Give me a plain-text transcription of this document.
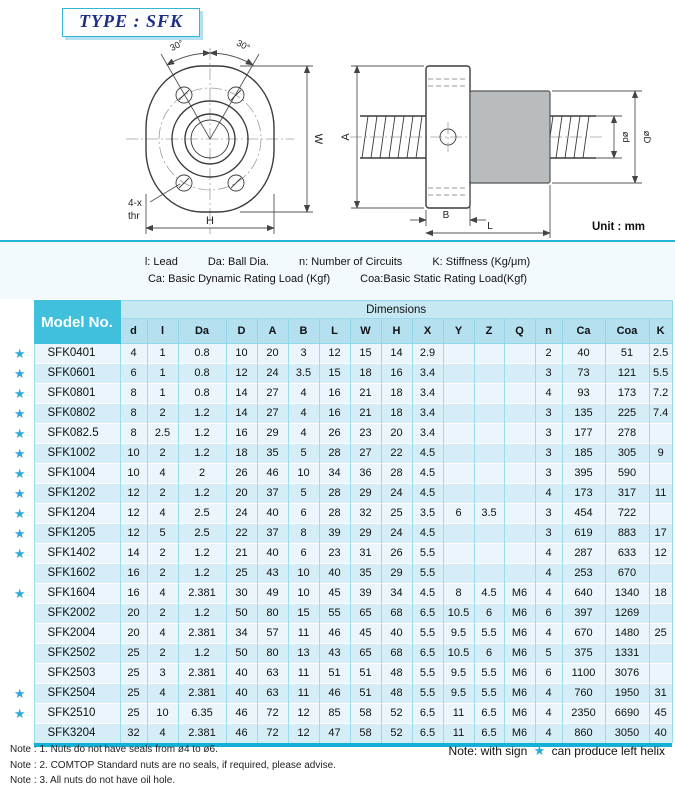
TYPE : SFK
30°	30°
W
H
4-x
thr
A	ød øD
B
L	Unit : mm
l: Lead	Da: Ball Dia.	n: Number of Circuits	K: Stiffness (Kg/μm)
Ca: Basic Dynamic Rating Load (Kgf)	Coa:Basic Static Rating Load(Kgf)
	Model No.	Dimensions																
		d	l	Da	D	A	B	L	W	H	X	Y	Z	Q	n	Ca	Coa	K
★	SFK0401	4	1	0.8	10	20	3	12	15	14	2.9				2	40	51	2.5
★	SFK0601	6	1	0.8	12	24	3.5	15	18	16	3.4				3	73	121	5.5
★	SFK0801	8	1	0.8	14	27	4	16	21	18	3.4				4	93	173	7.2
★	SFK0802	8	2	1.2	14	27	4	16	21	18	3.4				3	135	225	7.4
★	SFK082.5	8	2.5	1.2	16	29	4	26	23	20	3.4				3	177	278	
★	SFK1002	10	2	1.2	18	35	5	28	27	22	4.5				3	185	305	9
★	SFK1004	10	4	2	26	46	10	34	36	28	4.5				3	395	590	
★	SFK1202	12	2	1.2	20	37	5	28	29	24	4.5				4	173	317	11
★	SFK1204	12	4	2.5	24	40	6	28	32	25	3.5	6	3.5		3	454	722	
★	SFK1205	12	5	2.5	22	37	8	39	29	24	4.5				3	619	883	17
★	SFK1402	14	2	1.2	21	40	6	23	31	26	5.5				4	287	633	12
	SFK1602	16	2	1.2	25	43	10	40	35	29	5.5				4	253	670	
★	SFK1604	16	4	2.381	30	49	10	45	39	34	4.5	8	4.5	M6	4	640	1340	18
	SFK2002	20	2	1.2	50	80	15	55	65	68	6.5	10.5	6	M6	6	397	1269	
	SFK2004	20	4	2.381	34	57	11	46	45	40	5.5	9.5	5.5	M6	4	670	1480	25
	SFK2502	25	2	1.2	50	80	13	43	65	68	6.5	10.5	6	M6	5	375	1331	
	SFK2503	25	3	2.381	40	63	11	51	51	48	5.5	9.5	5.5	M6	6	1100	3076	
★	SFK2504	25	4	2.381	40	63	11	46	51	48	5.5	9.5	5.5	M6	4	760	1950	31
★	SFK2510	25	10	6.35	46	72	12	85	58	52	6.5	11	6.5	M6	4	2350	6690	45
	SFK3204	32	4	2.381	46	72	12	47	58	52	6.5	11	6.5	M6	4	860	3050	40
Note : 1. Nuts do not have seals from ø4 to ø6.
Note : 2. COMTOP Standard nuts are no seals, if required, please advise.
Note : 3. All nuts do not have oil hole.
Note: with sign ★ can produce left helix
